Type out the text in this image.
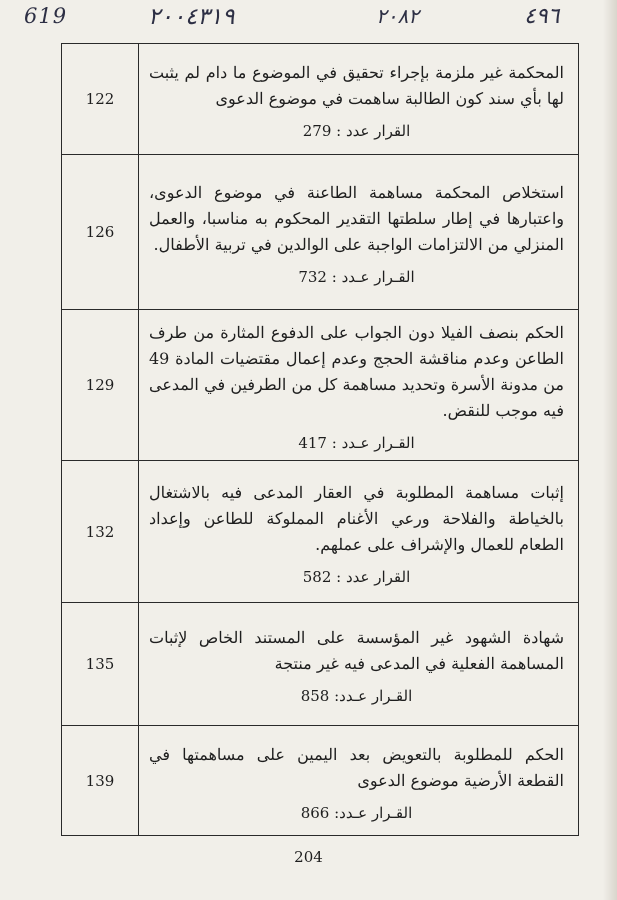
619	٢٠٠٤٣١٩	٢٠٨٢	٤٩٦
122	المحكمة غير ملزمة بإجراء تحقيق في الموضوع ما دام لم يثبت لها بأي سند كون الطالبة ساهمت في موضوع الدعوى
القرار عدد : 279

126	استخلاص المحكمة مساهمة الطاعنة في موضوع الدعوى، واعتبارها في إطار سلطتها التقدير المحكوم به مناسبا، والعمل المنزلي من الالتزامات الواجبة على الوالدين في تربية الأطفال.
القـرار عـدد : 732

129	الحكم بنصف الفيلا دون الجواب على الدفوع المثارة من طرف الطاعن وعدم مناقشة الحجج وعدم إعمال مقتضيات المادة 49 من مدونة الأسرة وتحديد مساهمة كل من الطرفين في المدعى فيه موجب للنقض.
القـرار عـدد : 417

132	إثبات مساهمة المطلوبة في العقار المدعى فيه بالاشتغال بالخياطة والفلاحة ورعي الأغنام المملوكة للطاعن وإعداد الطعام للعمال والإشراف على عملهم.
القرار عدد : 582

135	شهادة الشهود غير المؤسسة على المستند الخاص لإثبات المساهمة الفعلية في المدعى فيه غير منتجة
القـرار عـدد: 858

139	الحكم للمطلوبة بالتعويض بعد اليمين على مساهمتها في القطعة الأرضية موضوع الدعوى
القـرار عـدد: 866
204
